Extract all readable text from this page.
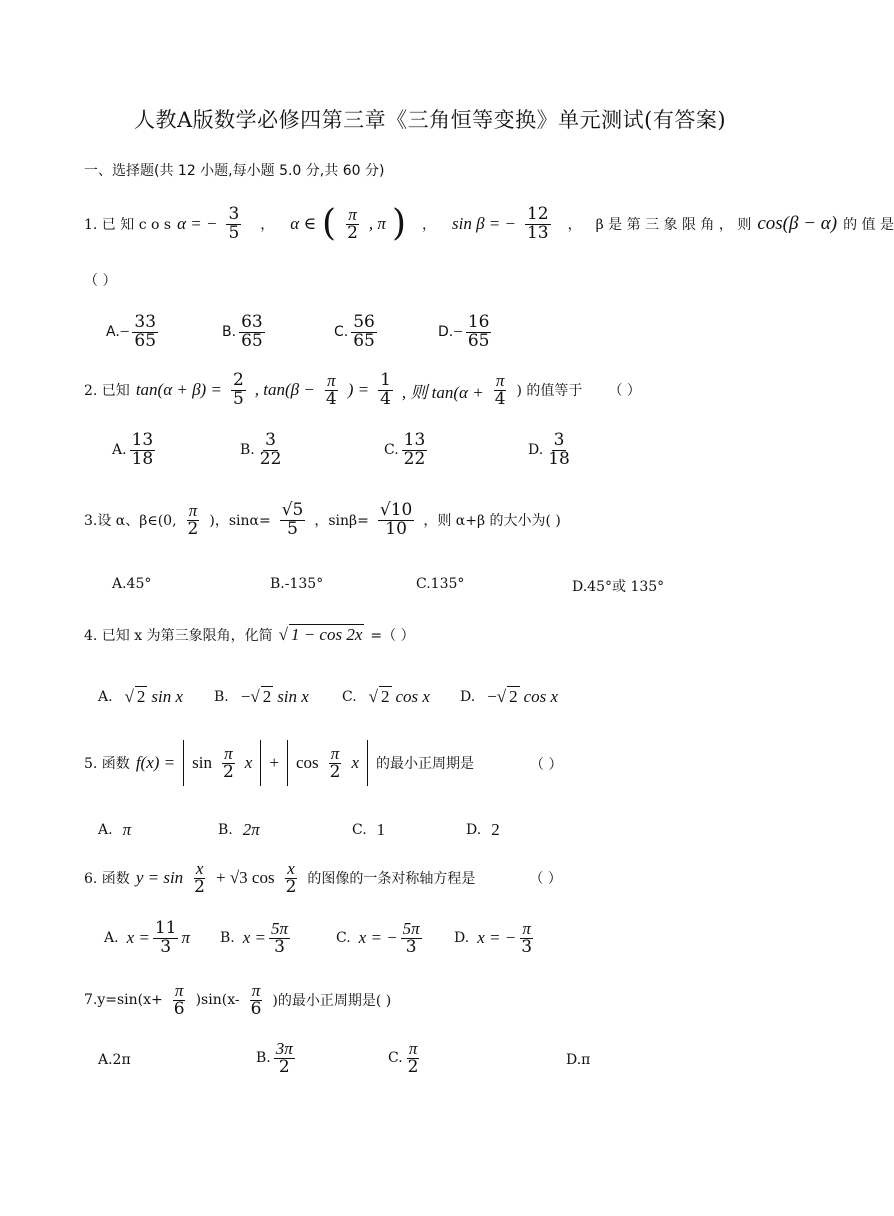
人教A版数学必修四第三章《三角恒等变换》单元测试(有答案)
一、选择题(共 12 小题,每小题 5.0 分,共 60 分)
1. 已 知 c o s α = − $\frac{3}{5}$ ， α ∈ ( $\frac{\pi}{2}$ , π ) ， sin β = − $\frac{12}{13}$ ， β 是 第 三 象 限 角 ， 则 cos(β − α) 的 值 是
（ ）
A. − $\frac{33}{65}$	B. $\frac{63}{65}$	C. $\frac{56}{65}$	D. − $\frac{16}{65}$
2. 已知 $\tan(\alpha + \beta) = \frac{2}{5}$ , $\tan(\beta - \frac{\pi}{4}$ ) = $\frac{1}{4}$ , 则 $\tan(\alpha + \frac{\pi}{4}$ ) 的值等于 （ ）
A. $\frac{13}{18}$	B. $\frac{3}{22}$	C. $\frac{13}{22}$	D. $\frac{3}{18}$
3.设 α、β∈(0, $\frac{\pi}{2}$ )，$\sin\alpha= \frac{√5}{5}$ ，$\sin\beta= \frac{√10}{10}$ ，则 α+β 的大小为( )
A.45°	B.-135°	C.135°	D.45°或 135°
4. 已知 x 为第三象限角，化简 √ 1 − cos 2x =（ ）
A. √ 2 sin x B. − √ 2 sin x C. √ 2 cos x D. − √ 2 cos x
5. 函数 $f(x) = \sin \frac{\pi}{2}$ $x + \cos \frac{\pi}{2}$ x 的最小正周期是	（ ）
A. π	B. 2π	C. 1	D. 2
6. 函数 $y = \sin \frac{x}{2} + √3$ $\cos \frac{x}{2}$ 的图像的一条对称轴方程是	（ ）
A. $x = \frac{11}{3}$ π B. $x = \frac{5\pi}{3}$	C. x = − $\frac{5\pi}{3} D$. x = − $\frac{\pi}{3}$
$7.y=\sin(x+ \frac{\pi}{6} )\sin(x- \frac{\pi}{6}$ )的最小正周期是( )
A.2π	B. $\frac{3\pi}{2}$	C. $\frac{\pi}{2}$	D.π
